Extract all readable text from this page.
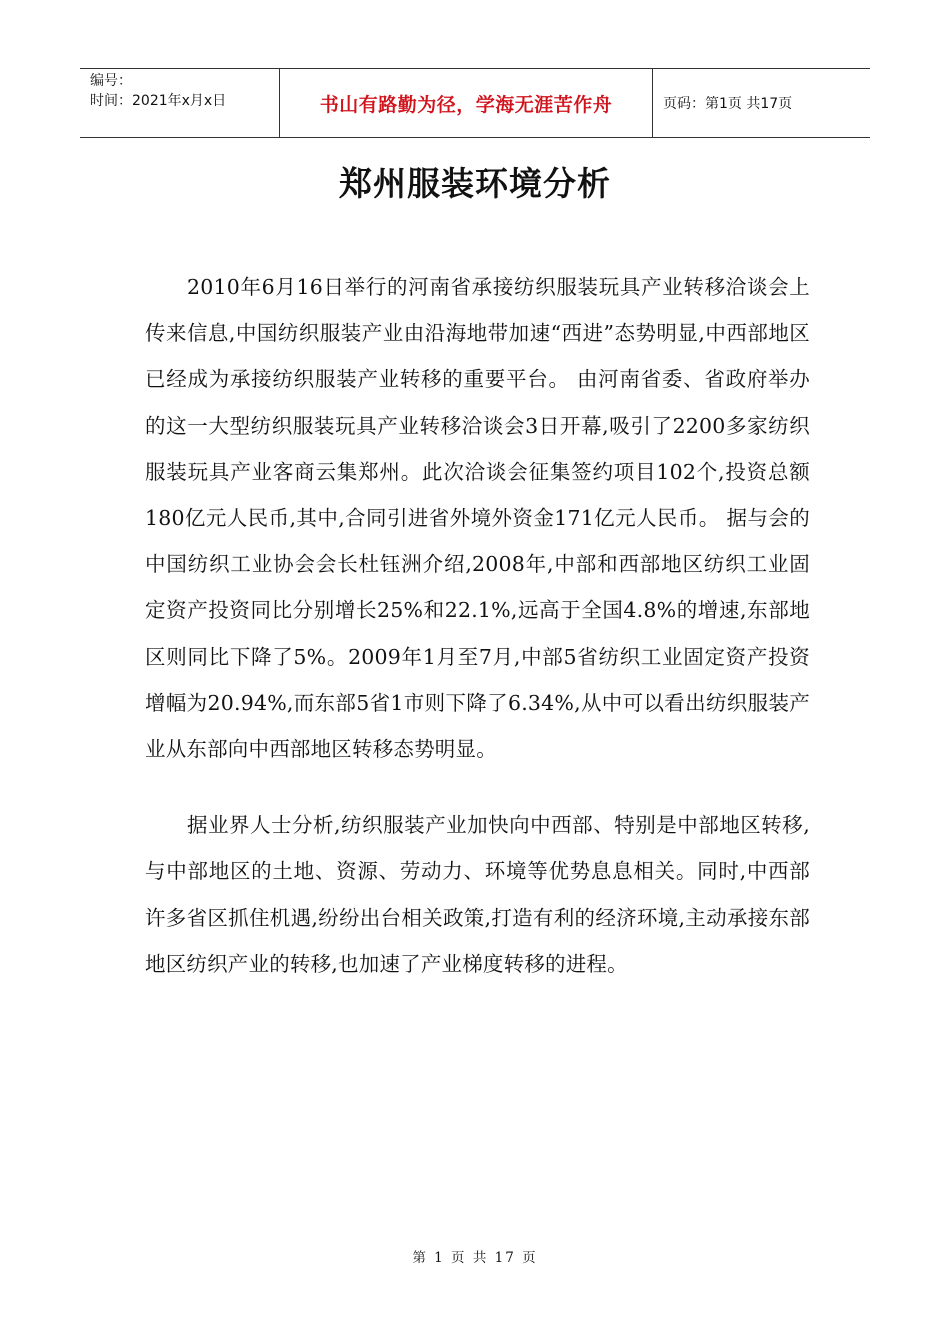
编号：
时间：2021年x月x日	书山有路勤为径，学海无涯苦作舟	页码：第1页 共17页
郑州服装环境分析

2010年6月16日举行的河南省承接纺织服装玩具产业转移洽谈会上传来信息,中国纺织服装产业由沿海地带加速“西进”态势明显,中西部地区已经成为承接纺织服装产业转移的重要平台。 由河南省委、省政府举办的这一大型纺织服装玩具产业转移洽谈会3日开幕,吸引了2200多家纺织服装玩具产业客商云集郑州。此次洽谈会征集签约项目102个,投资总额180亿元人民币,其中,合同引进省外境外资金171亿元人民币。 据与会的中国纺织工业协会会长杜钰洲介绍,2008年,中部和西部地区纺织工业固定资产投资同比分别增长25%和22.1%,远高于全国4.8%的增速,东部地区则同比下降了5%。2009年1月至7月,中部5省纺织工业固定资产投资增幅为20.94%,而东部5省1市则下降了6.34%,从中可以看出纺织服装产业从东部向中西部地区转移态势明显。

据业界人士分析,纺织服装产业加快向中西部、特别是中部地区转移,与中部地区的土地、资源、劳动力、环境等优势息息相关。同时,中西部许多省区抓住机遇,纷纷出台相关政策,打造有利的经济环境,主动承接东部地区纺织产业的转移,也加速了产业梯度转移的进程。

第 1 页 共 17 页
